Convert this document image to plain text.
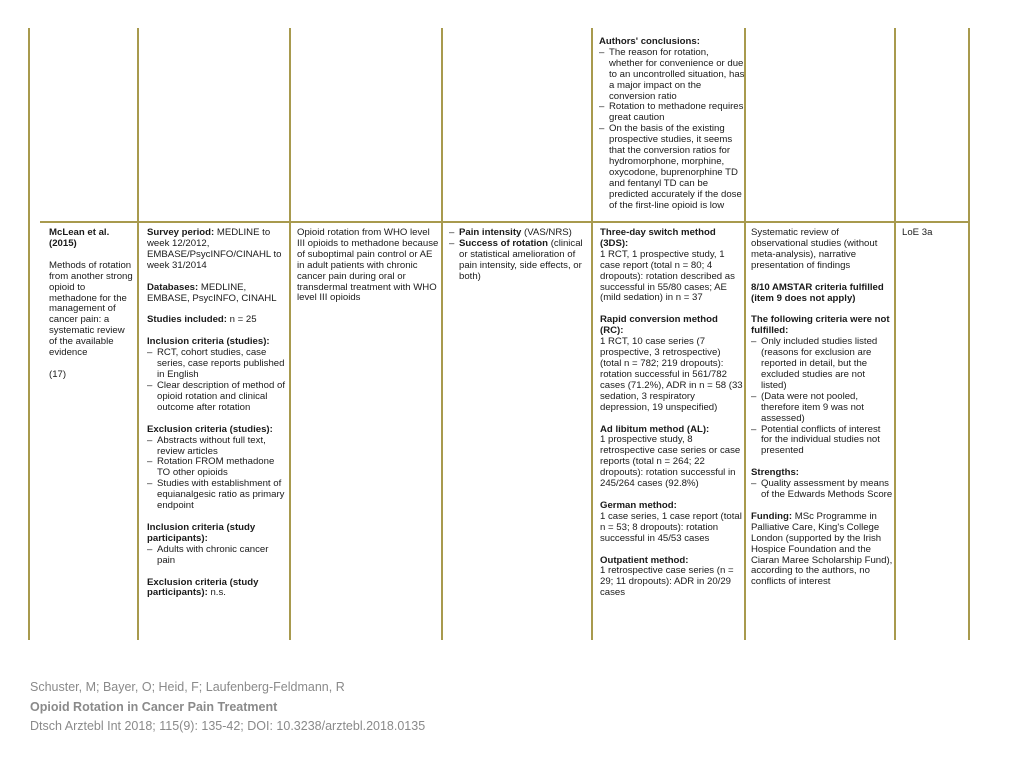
Authors' conclusions:

– The reason for rotation, whether for convenience or due to an uncontrolled situation, has a major impact on the conversion ratio
– Rotation to methadone requires great caution
– On the basis of the existing prospective studies, it seems that the conversion ratios for hydromorphone, morphine, oxycodone, buprenorphine TD and fentanyl TD can be predicted accurately if the dose of the first-line opioid is low

McLean et al. (2015)

Methods of rotation from another strong opioid to methadone for the management of cancer pain: a systematic review of the available evidence

(17)

Survey period: MEDLINE to week 12/2012, EMBASE/PsycINFO/CINAHL to week 31/2014

Databases: MEDLINE, EMBASE, PsycINFO, CINAHL

Studies included: n = 25

Inclusion criteria (studies):

– RCT, cohort studies, case series, case reports published in English
– Clear description of method of opioid rotation and clinical outcome after rotation

Exclusion criteria (studies):

– Abstracts without full text, review articles
– Rotation FROM methadone TO other opioids
– Studies with establishment of equianalgesic ratio as primary endpoint

Inclusion criteria (study participants):

– Adults with chronic cancer pain

Exclusion criteria (study participants): n.s.

Opioid rotation from WHO level III opioids to methadone because of suboptimal pain control or AE in adult patients with chronic cancer pain during oral or transdermal treatment with WHO level III opioids

– Pain intensity (VAS/NRS)
– Success of rotation (clinical or statistical amelioration of pain intensity, side effects, or both)

Three-day switch method (3DS):

1 RCT, 1 prospective study, 1 case report (total n = 80; 4 dropouts): rotation described as successful in 55/80 cases; AE (mild sedation) in n = 37

Rapid conversion method (RC):

1 RCT, 10 case series (7 prospective, 3 retrospective) (total n = 782; 219 dropouts): rotation successful in 561/782 cases (71.2%), ADR in n = 58 (33 sedation, 3 respiratory depression, 19 unspecified)

Ad libitum method (AL):

1 prospective study, 8 retrospective case series or case reports (total n = 264; 22 dropouts): rotation successful in 245/264 cases (92.8%)

German method:

1 case series, 1 case report (total n = 53; 8 dropouts): rotation successful in 45/53 cases

Outpatient method:

1 retrospective case series (n = 29; 11 dropouts): ADR in 20/29 cases

Systematic review of observational studies (without meta-analysis), narrative presentation of findings

8/10 AMSTAR criteria fulfilled (item 9 does not apply)

The following criteria were not fulfilled:

– Only included studies listed (reasons for exclusion are reported in detail, but the excluded studies are not listed)
– (Data were not pooled, therefore item 9 was not assessed)
– Potential conflicts of interest for the individual studies not presented

Strengths:

– Quality assessment by means of the Edwards Methods Score

Funding: MSc Programme in Palliative Care, King's College London (supported by the Irish Hospice Foundation and the Ciaran Maree Scholarship Fund), according to the authors, no conflicts of interest

LoE 3a

Schuster, M; Bayer, O; Heid, F; Laufenberg-Feldmann, R
Opioid Rotation in Cancer Pain Treatment
Dtsch Arztebl Int 2018; 115(9): 135-42; DOI: 10.3238/arztebl.2018.0135
